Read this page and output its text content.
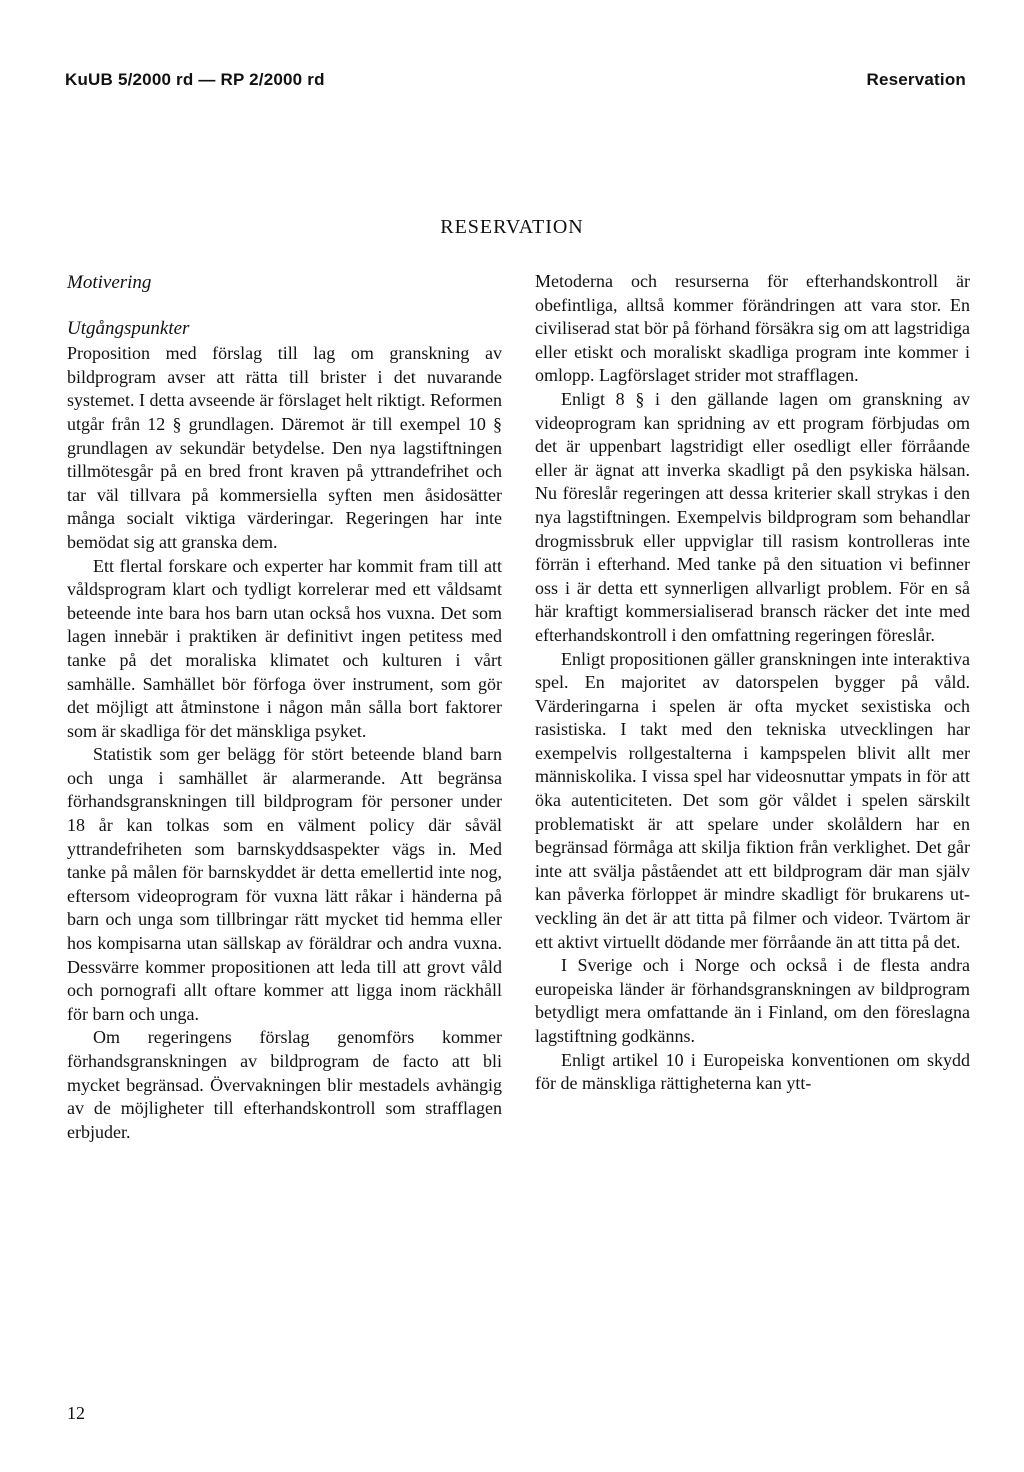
KuUB 5/2000 rd — RP 2/2000 rd	Reservation
RESERVATION
Motivering
Utgångspunkter

Proposition med förslag till lag om granskning av bildprogram avser att rätta till brister i det nuvarande systemet. I detta avseende är förslaget helt riktigt. Reformen utgår från 12 § grundlagen. Däremot är till exempel 10 § grundlagen av sekundär betydelse. Den nya lagstiftningen tillmötesgår på en bred front kraven på yttrandefrihet och tar väl tillvara på kommersiella syften men åsidosätter många socialt viktiga värderingar. Regeringen har inte bemödat sig att granska dem.

Ett flertal forskare och experter har kommit fram till att våldsprogram klart och tydligt korrelerar med ett våldsamt beteende inte bara hos barn utan också hos vuxna. Det som lagen innebär i praktiken är definitivt ingen petitess med tanke på det moraliska klimatet och kulturen i vårt samhälle. Samhället bör förfoga över instrument, som gör det möjligt att åtminstone i någon mån sålla bort faktorer som är skadliga för det mänskliga psyket.

Statistik som ger belägg för stört beteende bland barn och unga i samhället är alarmerande. Att begränsa förhandsgranskningen till bildprogram för personer under 18 år kan tolkas som en välment policy där såväl yttrandefriheten som barnskyddsaspekter vägs in. Med tanke på målen för barnskyddet är detta emellertid inte nog, eftersom videoprogram för vuxna lätt råkar i händerna på barn och unga som tillbringar rätt mycket tid hemma eller hos kompisarna utan sällskap av föräldrar och andra vuxna. Dessvärre kommer propositionen att leda till att grovt våld och pornografi allt oftare kommer att ligga inom räckhåll för barn och unga.

Om regeringens förslag genomförs kommer förhandsgranskningen av bildprogram de facto att bli mycket begränsad. Övervakningen blir mestadels avhängig av de möjligheter till efterhandskontroll som strafflagen erbjuder.

Metoderna och resurserna för efterhandskontroll är obefintliga, alltså kommer förändringen att vara stor. En civiliserad stat bör på förhand försäkra sig om att lagstridiga eller etiskt och moraliskt skadliga program inte kommer i omlopp. Lagförslaget strider mot strafflagen.

Enligt 8 § i den gällande lagen om granskning av videoprogram kan spridning av ett program förbjudas om det är uppenbart lagstridigt eller osedligt eller förråande eller är ägnat att inverka skadligt på den psykiska hälsan. Nu föreslår regeringen att dessa kriterier skall strykas i den nya lagstiftningen. Exempelvis bildprogram som behandlar drogmissbruk eller uppviglar till rasism kontrolleras inte förrän i efterhand. Med tanke på den situation vi befinner oss i är detta ett synnerligen allvarligt problem. För en så här kraftigt kommersialiserad bransch räcker det inte med efterhandskontroll i den omfattning regeringen föreslår.

Enligt propositionen gäller granskningen inte interaktiva spel. En majoritet av datorspelen bygger på våld. Värderingarna i spelen är ofta mycket sexistiska och rasistiska. I takt med den tekniska utvecklingen har exempelvis rollgestalterna i kampspelen blivit allt mer människolika. I vissa spel har videosnuttar ympats in för att öka autenticiteten. Det som gör våldet i spelen särskilt problematiskt är att spelare under skolåldern har en begränsad förmåga att skilja fiktion från verklighet. Det går inte att svälja påståendet att ett bildprogram där man själv kan påverka förloppet är mindre skadligt för brukarens utveckling än det är att titta på filmer och videor. Tvärtom är ett aktivt virtuellt dödande mer förråande än att titta på det.

I Sverige och i Norge och också i de flesta andra europeiska länder är förhandsgranskningen av bildprogram betydligt mera omfattande än i Finland, om den föreslagna lagstiftning godkänns.

Enligt artikel 10 i Europeiska konventionen om skydd för de mänskliga rättigheterna kan ytt-

12
